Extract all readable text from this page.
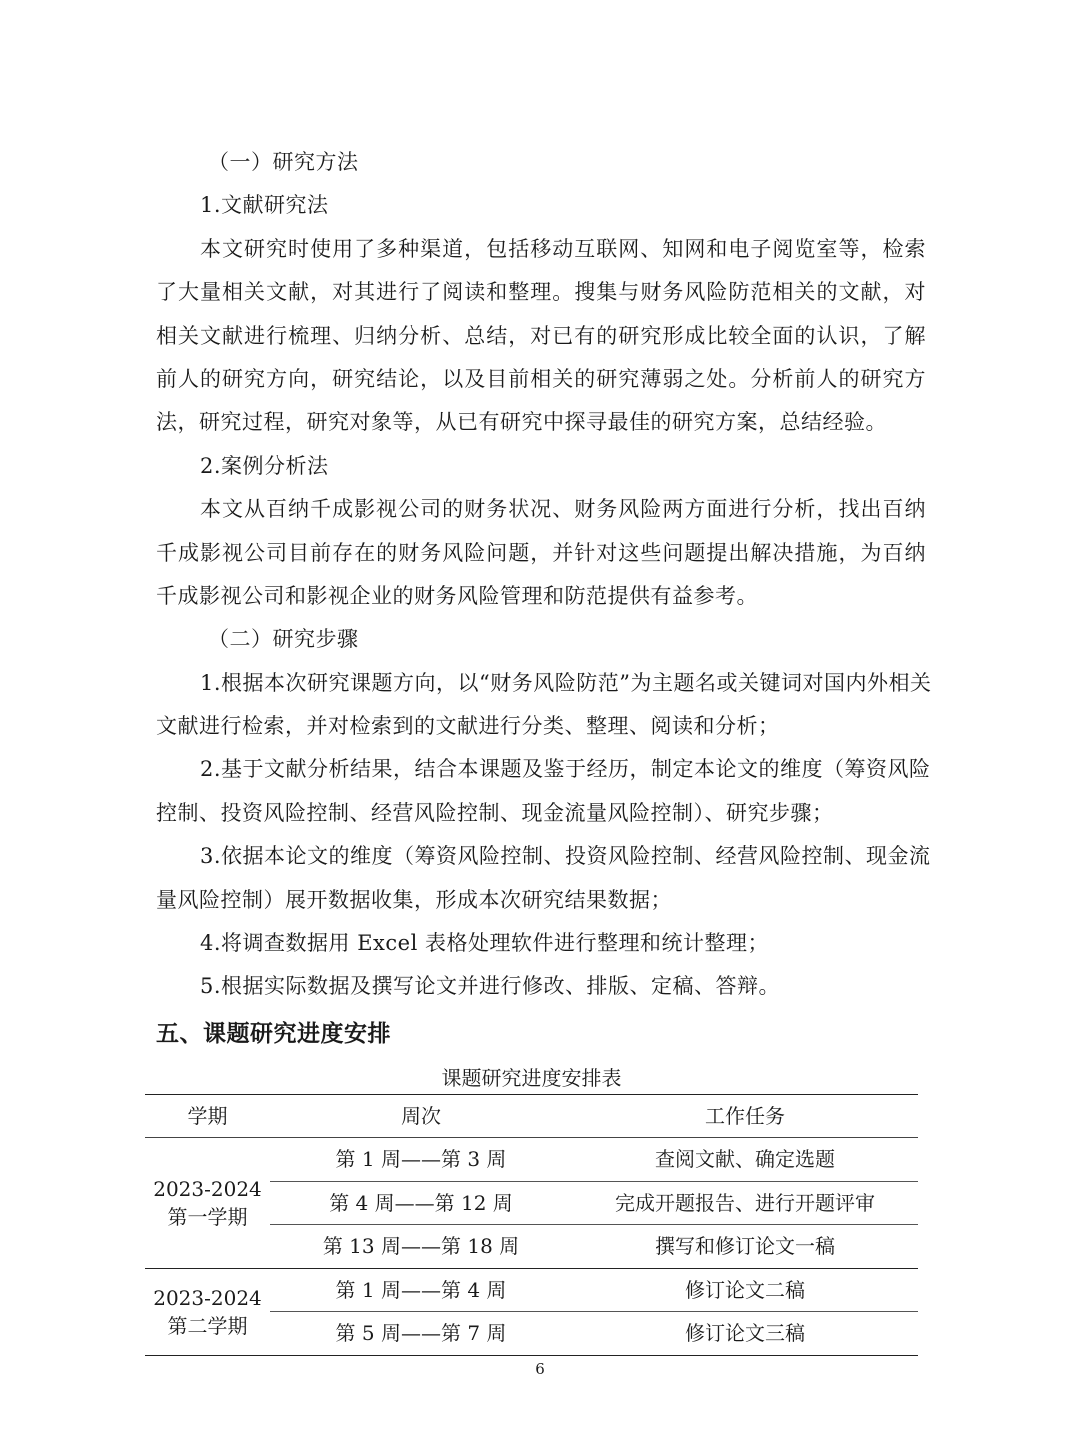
（一）研究方法
1.文献研究法
本文研究时使用了多种渠道，包括移动互联网、知网和电子阅览室等，检索
了大量相关文献，对其进行了阅读和整理。搜集与财务风险防范相关的文献，对
相关文献进行梳理、归纳分析、总结，对已有的研究形成比较全面的认识，了解
前人的研究方向，研究结论，以及目前相关的研究薄弱之处。分析前人的研究方
法，研究过程，研究对象等，从已有研究中探寻最佳的研究方案，总结经验。
2.案例分析法
本文从百纳千成影视公司的财务状况、财务风险两方面进行分析，找出百纳
千成影视公司目前存在的财务风险问题，并针对这些问题提出解决措施，为百纳
千成影视公司和影视企业的财务风险管理和防范提供有益参考。
（二）研究步骤
1.根据本次研究课题方向，以“财务风险防范”为主题名或关键词对国内外相关
文献进行检索，并对检索到的文献进行分类、整理、阅读和分析；
2.基于文献分析结果，结合本课题及鉴于经历，制定本论文的维度（筹资风险
控制、投资风险控制、经营风险控制、现金流量风险控制）、研究步骤；
3.依据本论文的维度（筹资风险控制、投资风险控制、经营风险控制、现金流
量风险控制）展开数据收集，形成本次研究结果数据；
4.将调查数据用 Excel 表格处理软件进行整理和统计整理；
5.根据实际数据及撰写论文并进行修改、排版、定稿、答辩。
五、课题研究进度安排
课题研究进度安排表
学期	周次	工作任务

2023-2024
第一学期	第 1 周——第 3 周	查阅文献、确定选题
	第 4 周——第 12 周	完成开题报告、进行开题评审
	第 13 周——第 18 周	撰写和修订论文一稿

2023-2024
第二学期	第 1 周——第 4 周	修订论文二稿
	第 5 周——第 7 周	修订论文三稿
6
